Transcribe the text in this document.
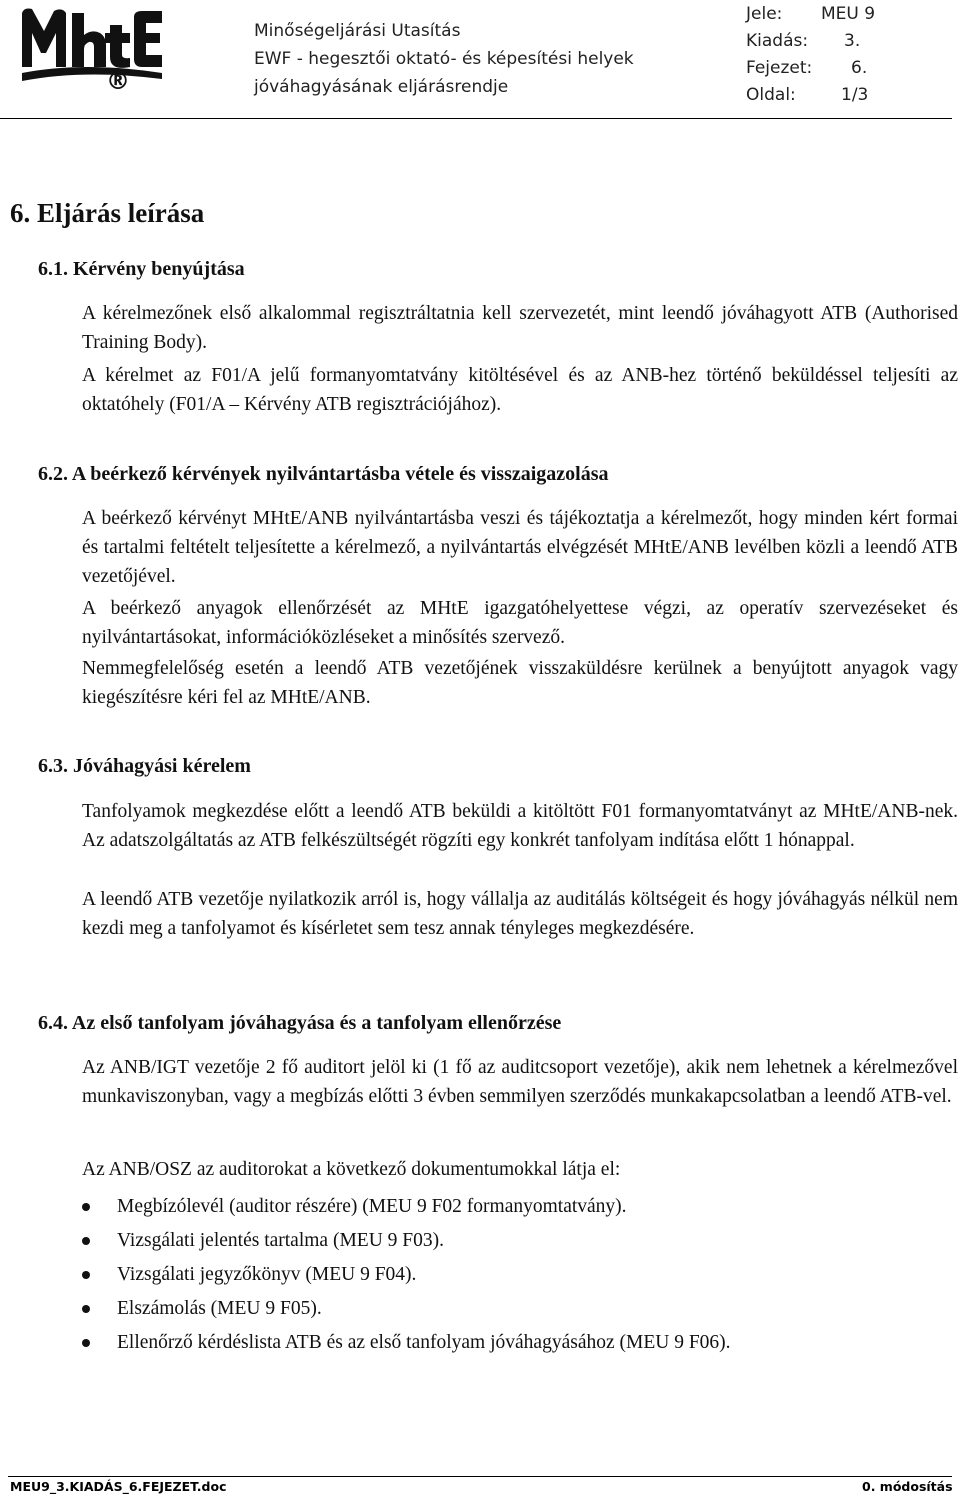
®
Minőségeljárási Utasítás
EWF - hegesztői oktató- és képesítési helyek
jóváhagyásának eljárásrendje
Jele: MEU 9
Kiadás: 3.
Fejezet: 6.
Oldal:	1/3
6. Eljárás leírása
6.1. Kérvény benyújtása
A kérelmezőnek első alkalommal regisztráltatnia kell szervezetét, mint leendő jóváhagyott ATB (Authorised Training Body).
A kérelmet az F01/A jelű formanyomtatvány kitöltésével és az ANB-hez történő beküldéssel teljesíti az oktatóhely (F01/A – Kérvény ATB regisztrációjához).
6.2. A beérkező kérvények nyilvántartásba vétele és visszaigazolása
A beérkező kérvényt MHtE/ANB nyilvántartásba veszi és tájékoztatja a kérelmezőt, hogy minden kért formai és tartalmi feltételt teljesítette a kérelmező, a nyilvántartás elvégzését MHtE/ANB levélben közli a leendő ATB vezetőjével.
A beérkező anyagok ellenőrzését az MHtE igazgatóhelyettese végzi, az operatív szervezéseket és nyilvántartásokat, információközléseket a minősítés szervező.
Nemmegfelelőség esetén a leendő ATB vezetőjének visszaküldésre kerülnek a benyújtott anyagok vagy kiegészítésre kéri fel az MHtE/ANB.
6.3. Jóváhagyási kérelem
Tanfolyamok megkezdése előtt a leendő ATB beküldi a kitöltött F01 formanyomtatványt az MHtE/ANB-nek. Az adatszolgáltatás az ATB felkészültségét rögzíti egy konkrét tanfolyam indítása előtt 1 hónappal.
A leendő ATB vezetője nyilatkozik arról is, hogy vállalja az auditálás költségeit és hogy jóváhagyás nélkül nem kezdi meg a tanfolyamot és kísérletet sem tesz annak tényleges megkezdésére.
6.4. Az első tanfolyam jóváhagyása és a tanfolyam ellenőrzése
Az ANB/IGT vezetője 2 fő auditort jelöl ki (1 fő az auditcsoport vezetője), akik nem lehetnek a kérelmezővel munkaviszonyban, vagy a megbízás előtti 3 évben semmilyen szerződés munkakapcsolatban a leendő ATB-vel.
Az ANB/OSZ az auditorokat a következő dokumentumokkal látja el:
Megbízólevél (auditor részére) (MEU 9 F02 formanyomtatvány).
Vizsgálati jelentés tartalma (MEU 9 F03).
Vizsgálati jegyzőkönyv (MEU 9 F04).
Elszámolás (MEU 9 F05).
Ellenőrző kérdéslista ATB és az első tanfolyam jóváhagyásához (MEU 9 F06).
MEU9_3.KIADÁS_6.FEJEZET.doc	0. módosítás
